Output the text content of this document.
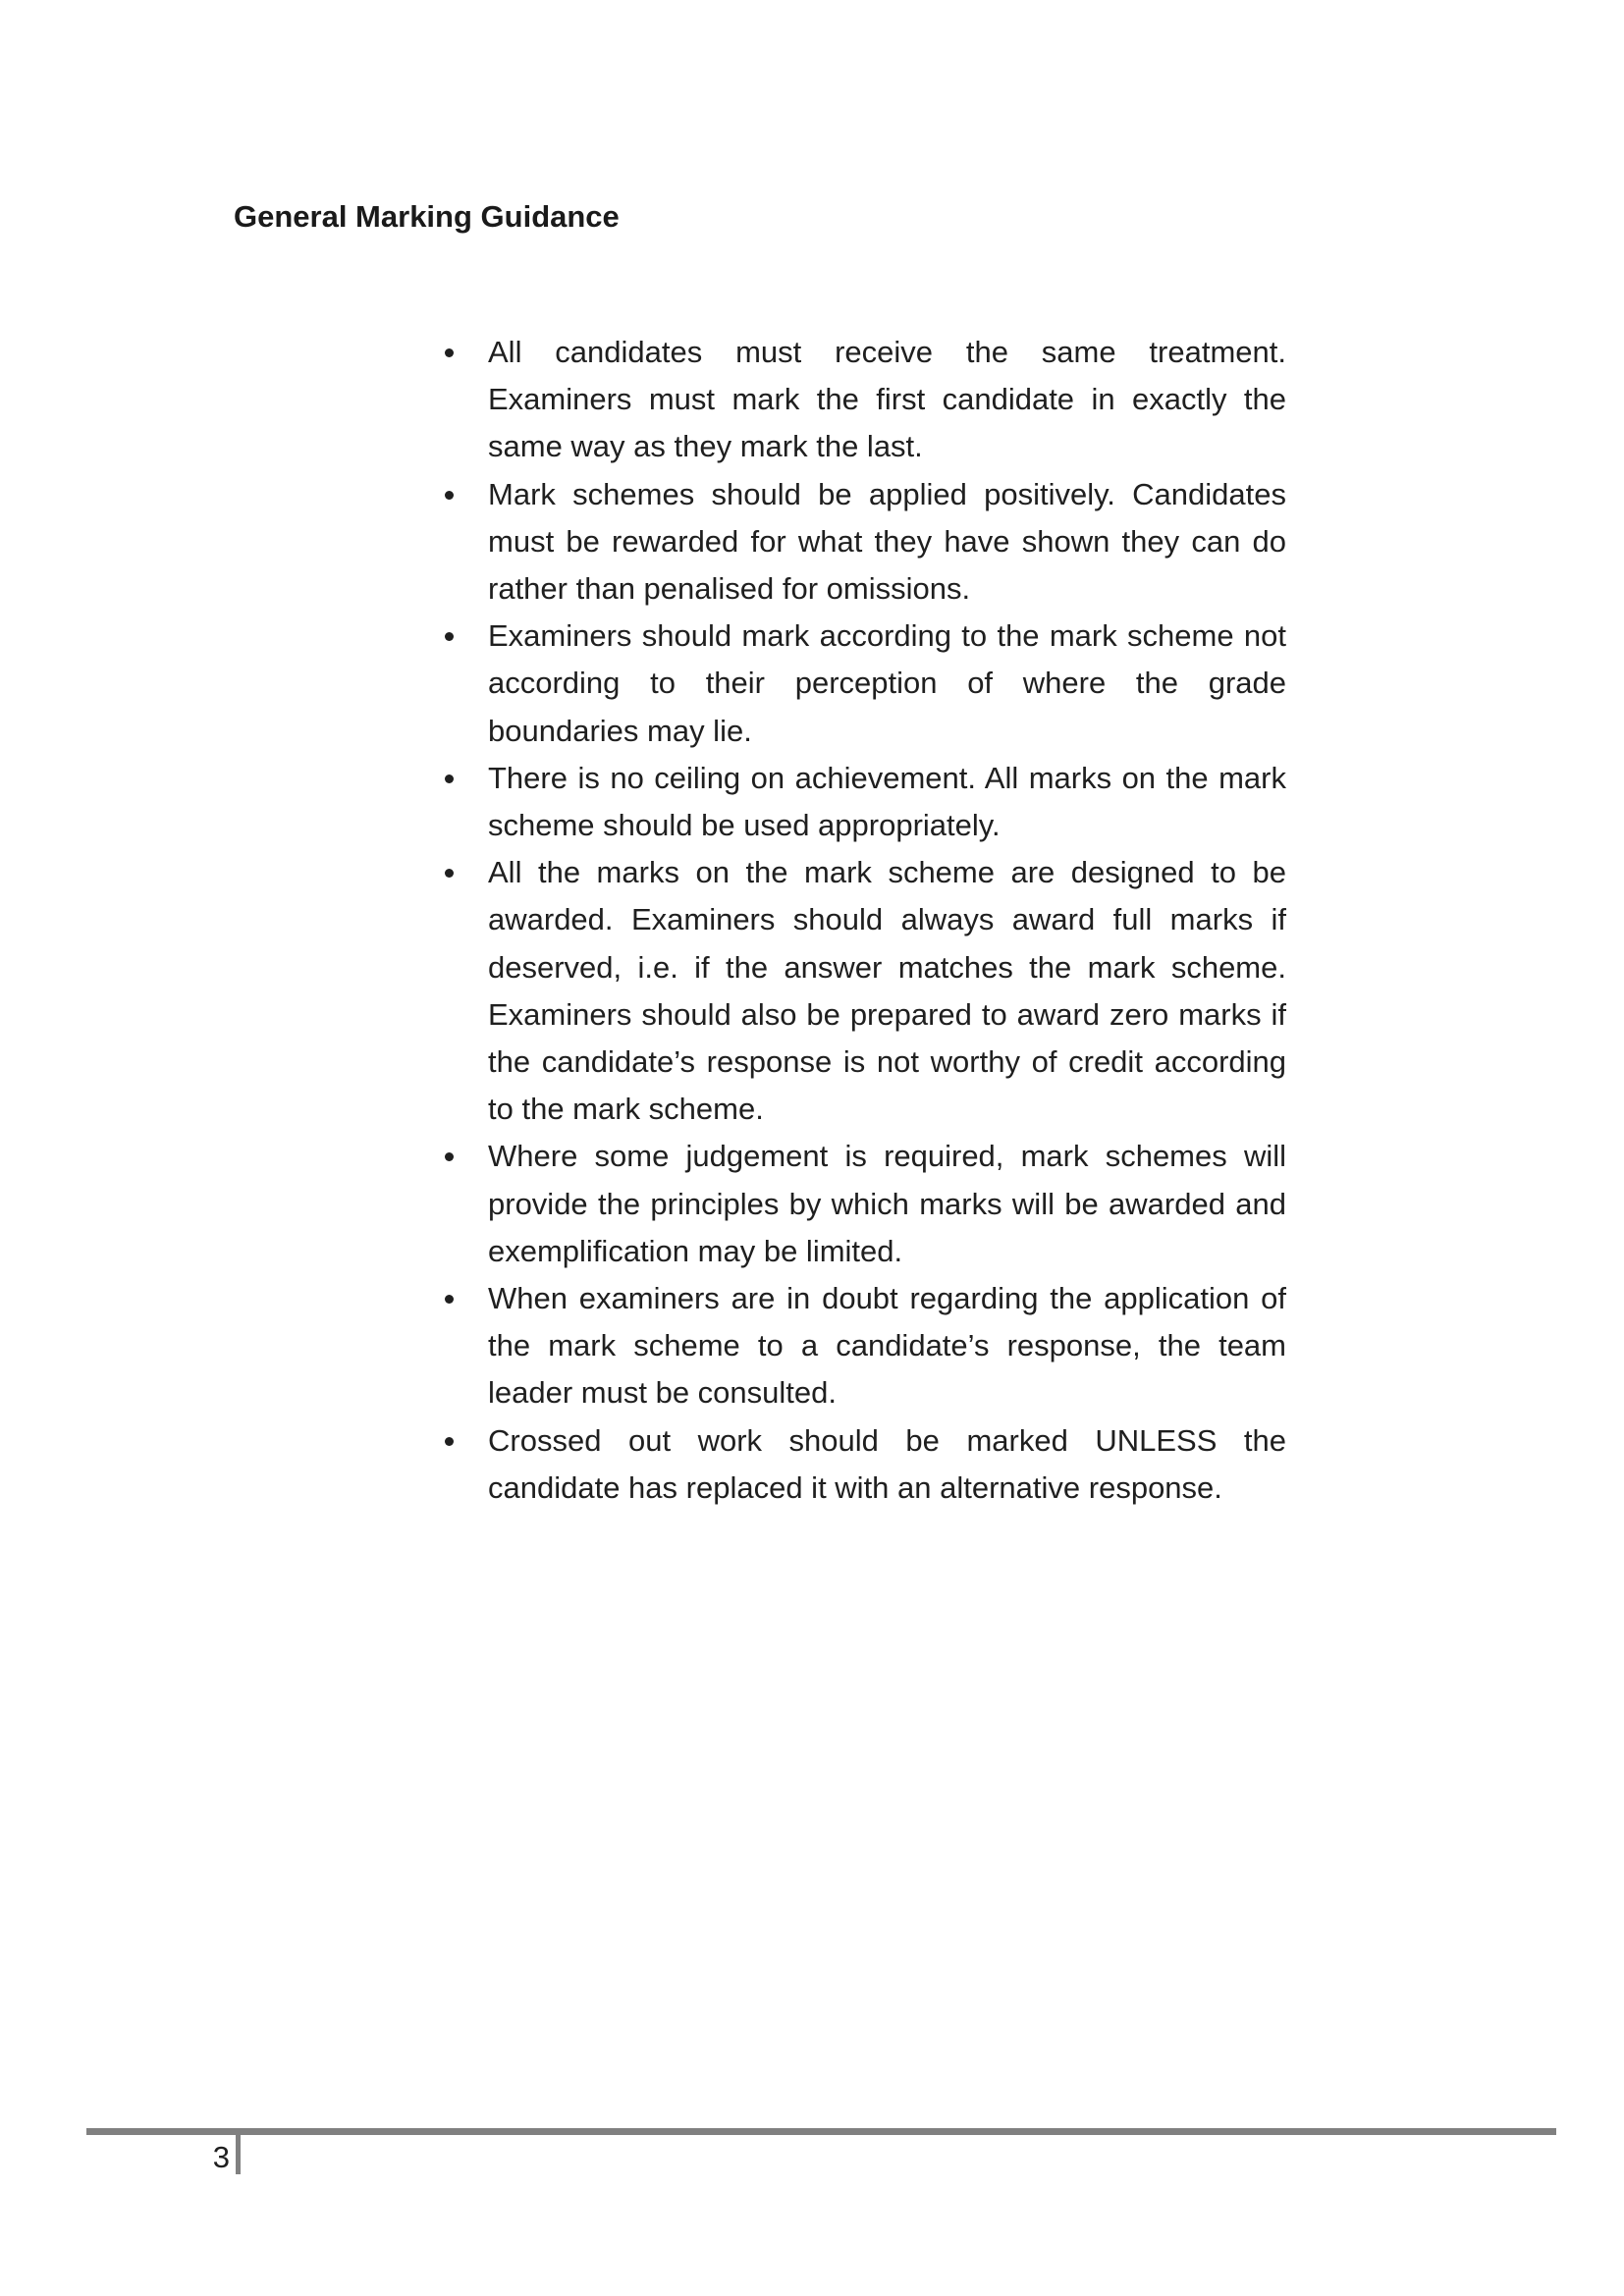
General Marking Guidance
All candidates must receive the same treatment. Examiners must mark the first candidate in exactly the same way as they mark the last.
Mark schemes should be applied positively. Candidates must be rewarded for what they have shown they can do rather than penalised for omissions.
Examiners should mark according to the mark scheme not according to their perception of where the grade boundaries may lie.
There is no ceiling on achievement. All marks on the mark scheme should be used appropriately.
All the marks on the mark scheme are designed to be awarded. Examiners should always award full marks if deserved, i.e. if the answer matches the mark scheme. Examiners should also be prepared to award zero marks if the candidate’s response is not worthy of credit according to the mark scheme.
Where some judgement is required, mark schemes will provide the principles by which marks will be awarded and exemplification may be limited.
When examiners are in doubt regarding the application of the mark scheme to a candidate’s response, the team leader must be consulted.
Crossed out work should be marked UNLESS the candidate has replaced it with an alternative response.
3
